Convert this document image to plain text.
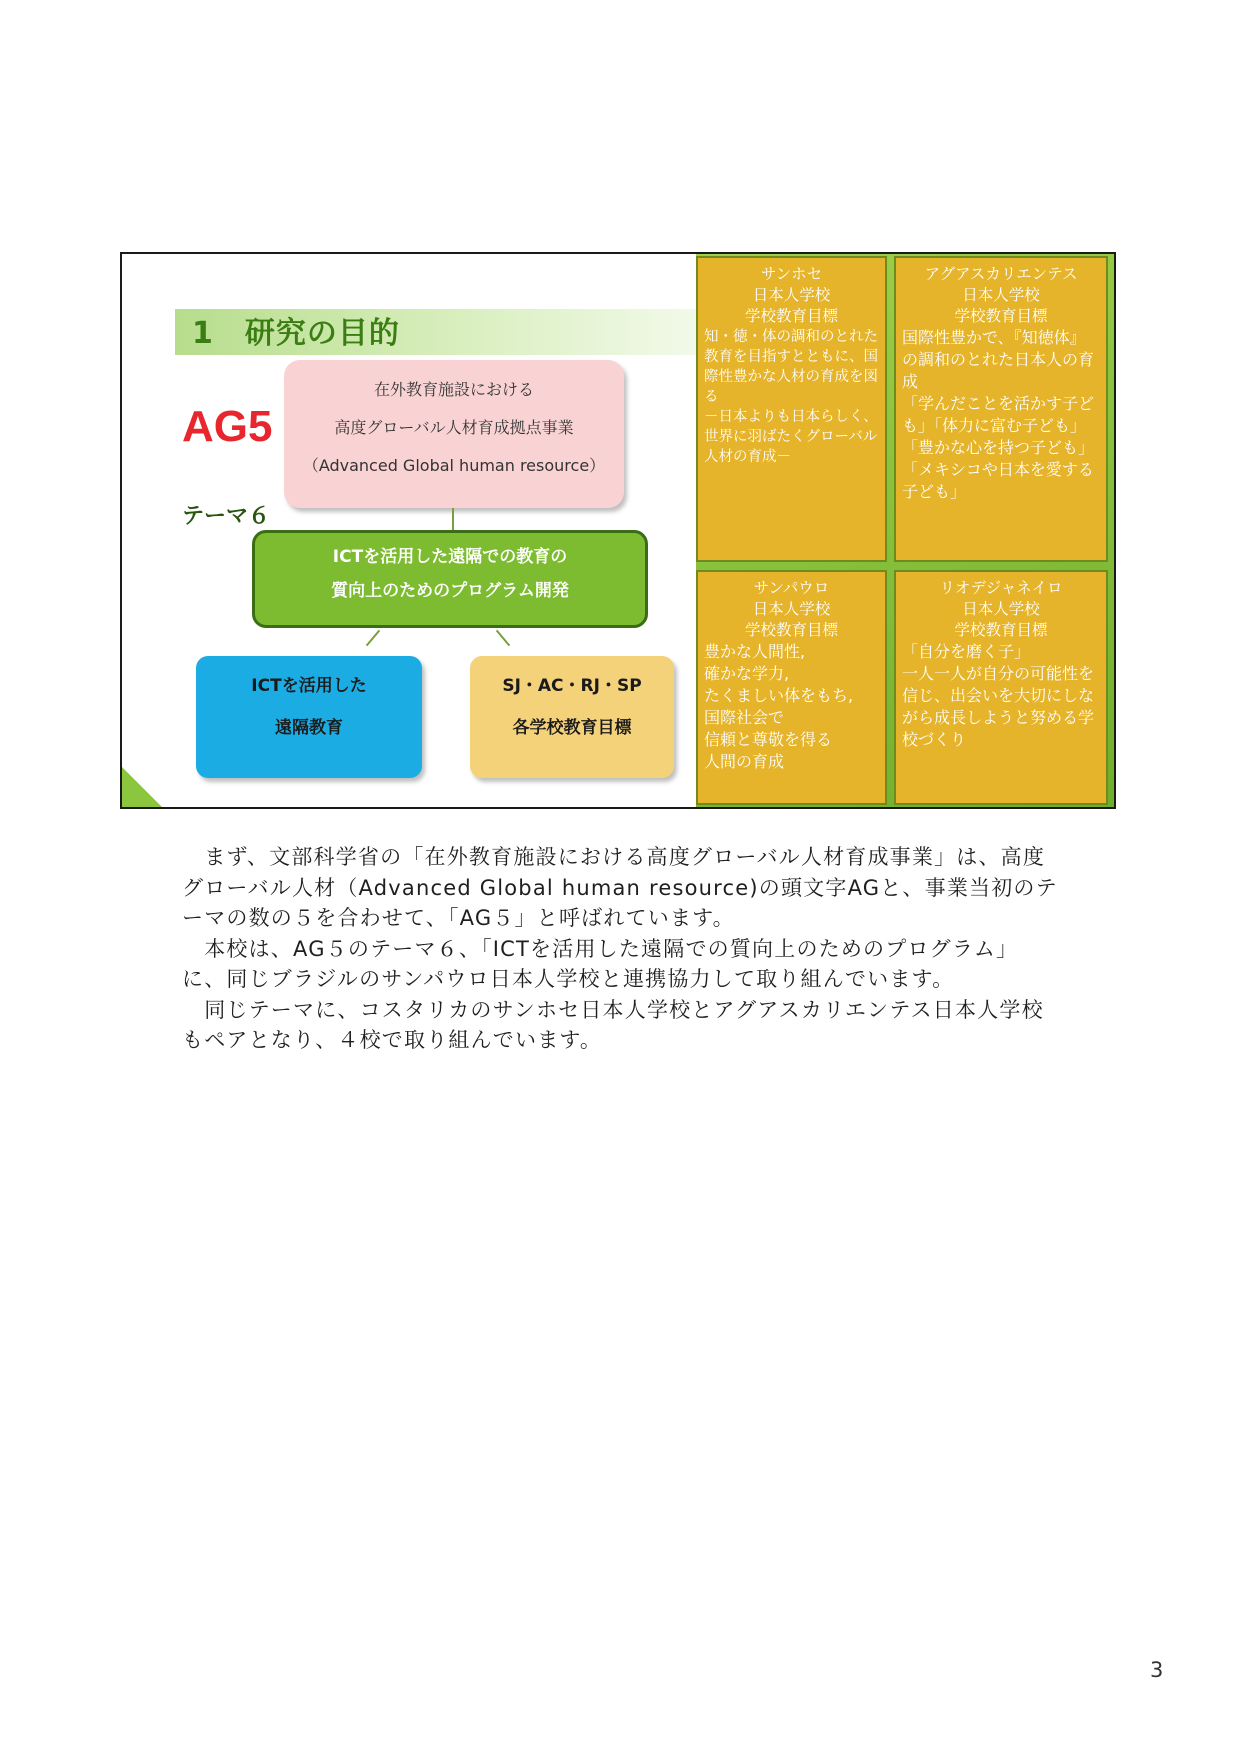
1　研究の目的
AG5
テーマ６
在外教育施設における
高度グローバル人材育成拠点事業
（Advanced Global human resource）
ICTを活用した遠隔での教育の
質向上のためのプログラム開発
ICTを活用した
遠隔教育
SJ・AC・RJ・SP
各学校教育目標
サンホセ
日本人学校
学校教育目標
知・徳・体の調和のとれた教育を目指すとともに、国際性豊かな人材の育成を図る
－日本よりも日本らしく、世界に羽ばたくグローバル人材の育成－
アグアスカリエンテス
日本人学校
学校教育目標
国際性豊かで、『知徳体』の調和のとれた日本人の育成
「学んだことを活かす子ども」「体力に富む子ども」「豊かな心を持つ子ども」「メキシコや日本を愛する子ども」
サンパウロ
日本人学校
学校教育目標
豊かな人間性,
確かな学力,
たくましい体をもち,
国際社会で
信頼と尊敬を得る
人間の育成
リオデジャネイロ
日本人学校
学校教育目標
「自分を磨く子」
一人一人が自分の可能性を信じ、出会いを大切にしながら成長しようと努める学校づくり

　まず、文部科学省の「在外教育施設における高度グローバル人材育成事業」は、高度グローバル人材（Advanced Global human resource)の頭文字AGと、事業当初のテーマの数の５を合わせて、「AG５」と呼ばれています。

　本校は、AG５のテーマ６、「ICTを活用した遠隔での質向上のためのプログラム」に、同じブラジルのサンパウロ日本人学校と連携協力して取り組んでいます。

　同じテーマに、コスタリカのサンホセ日本人学校とアグアスカリエンテス日本人学校もペアとなり、４校で取り組んでいます。

3
